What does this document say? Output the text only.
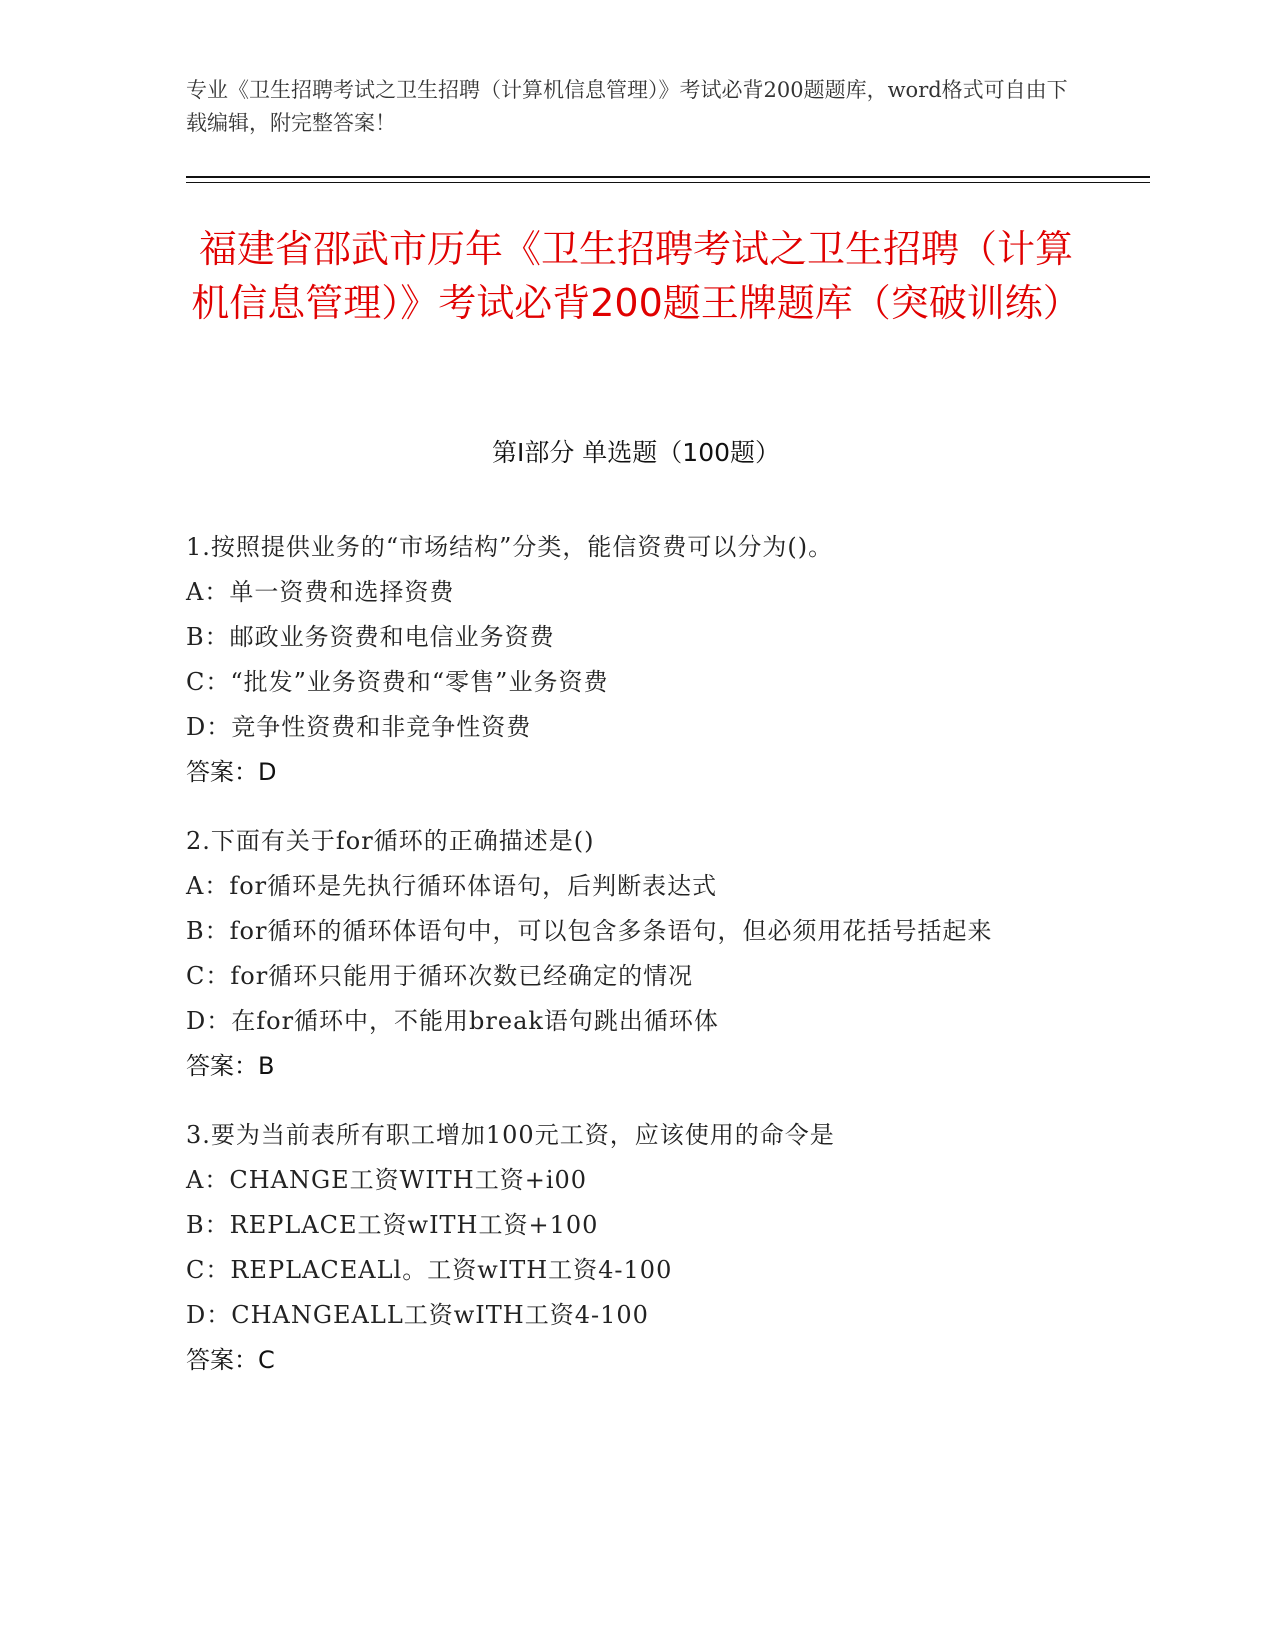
专业《卫生招聘考试之卫生招聘（计算机信息管理）》考试必背200题题库，word格式可自由下载编辑，附完整答案！
福建省邵武市历年《卫生招聘考试之卫生招聘（计算机信息管理）》考试必背200题王牌题库（突破训练）
第I部分 单选题（100题）
1.按照提供业务的“市场结构”分类，能信资费可以分为()。
A：单一资费和选择资费
B：邮政业务资费和电信业务资费
C：“批发”业务资费和“零售”业务资费
D：竞争性资费和非竞争性资费
答案：D
2.下面有关于for循环的正确描述是()
A：for循环是先执行循环体语句，后判断表达式
B：for循环的循环体语句中，可以包含多条语句，但必须用花括号括起来
C：for循环只能用于循环次数已经确定的情况
D：在for循环中，不能用break语句跳出循环体
答案：B
3.要为当前表所有职工增加100元工资，应该使用的命令是
A：CHANGE工资WITH工资+i00
B：REPLACE工资wITH工资+100
C：REPLACEALl。工资wITH工资4-100
D：CHANGEALL工资wITH工资4-100
答案：C
